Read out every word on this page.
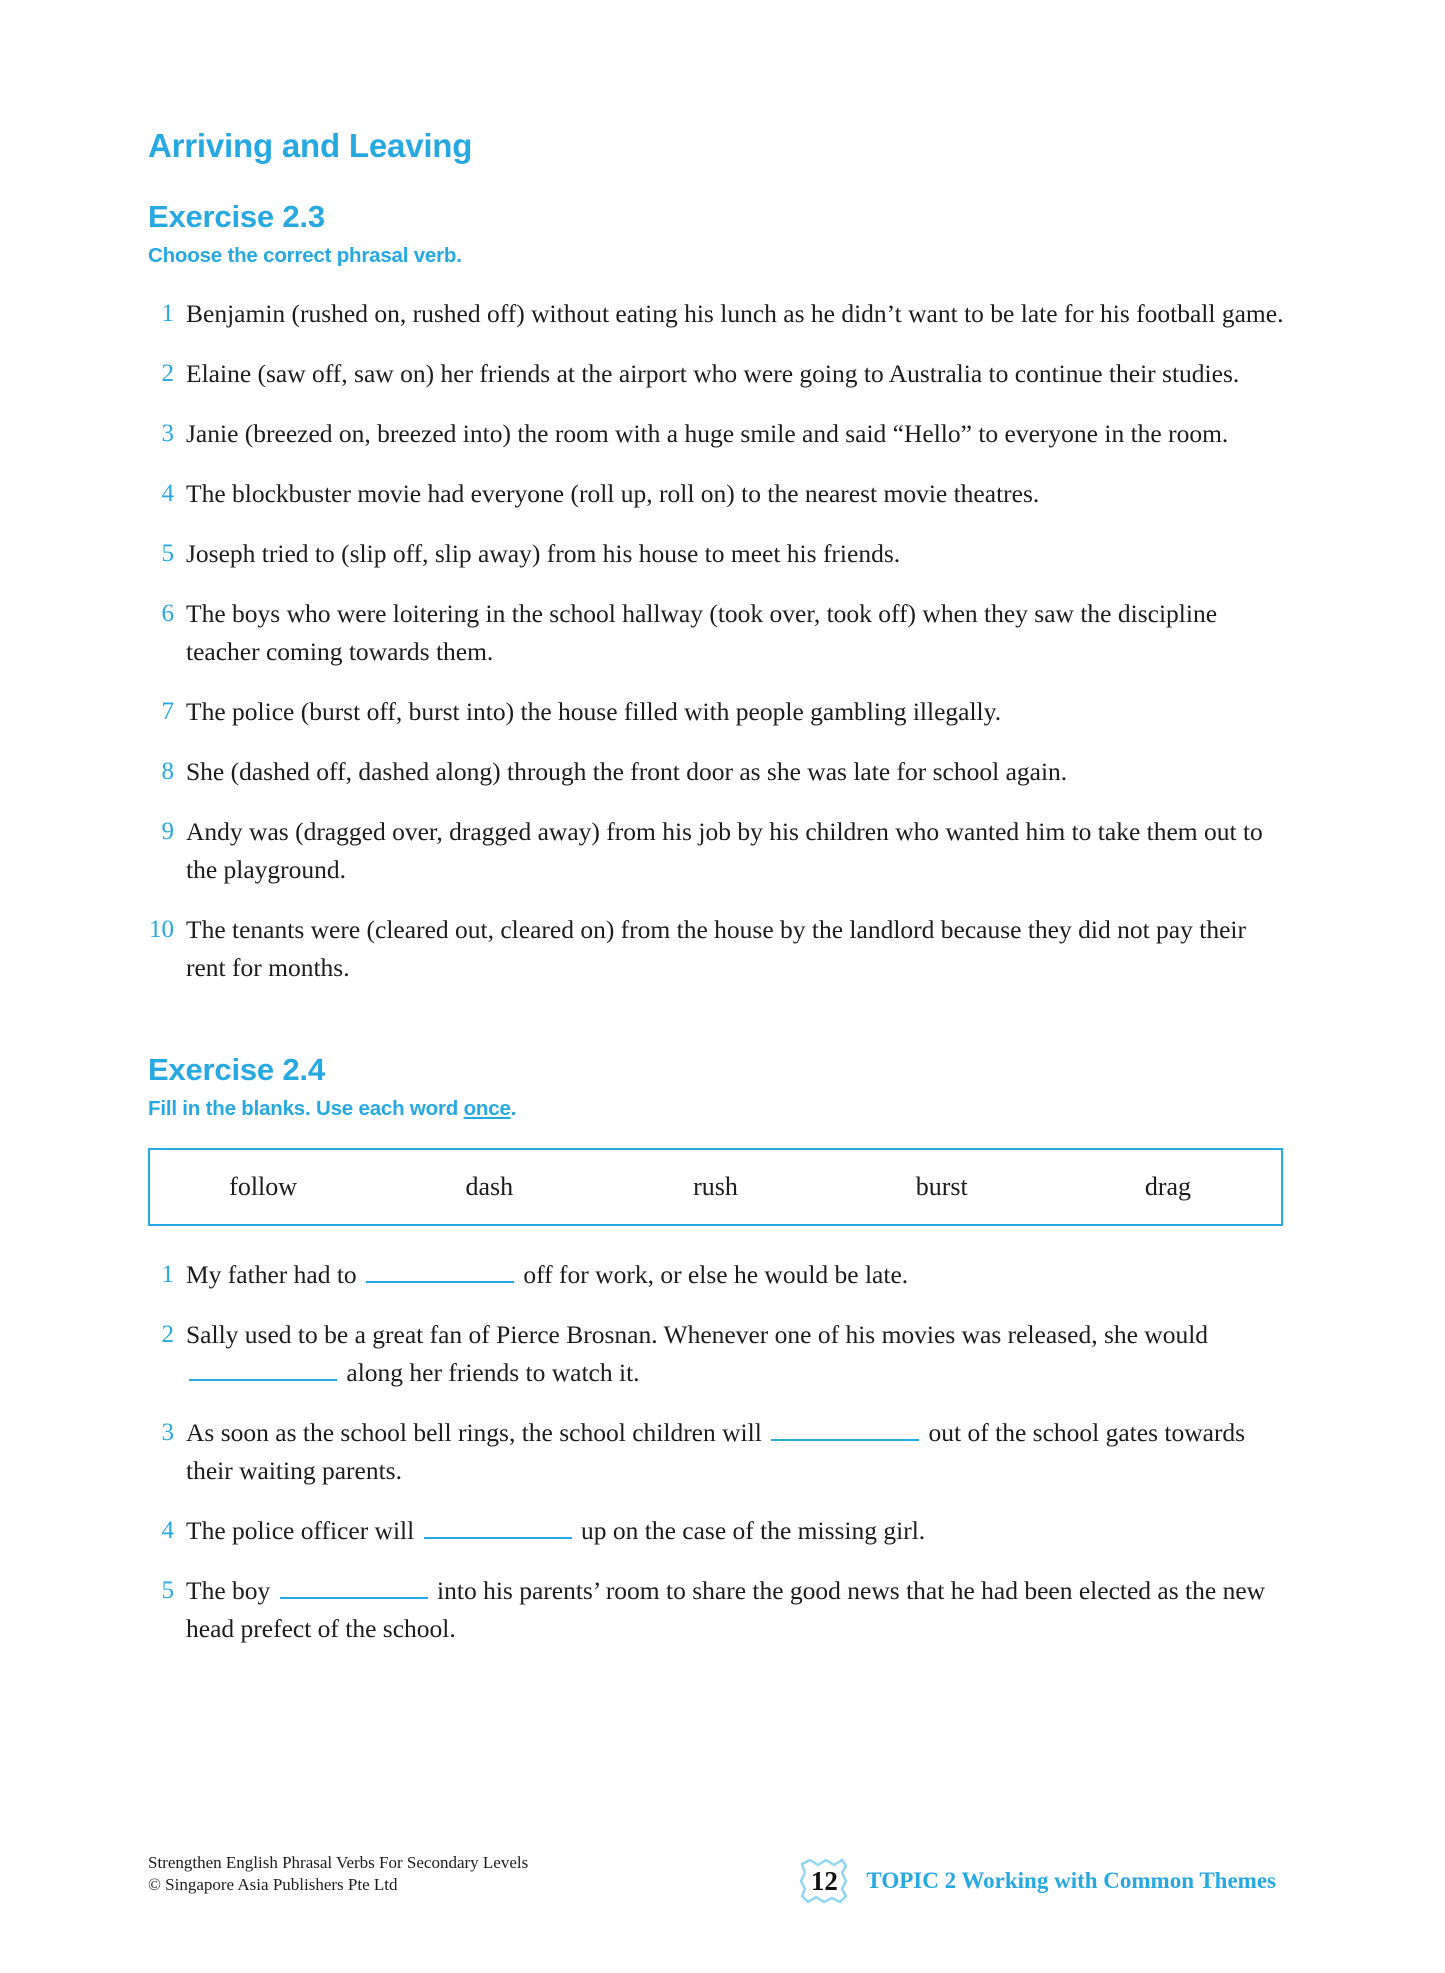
Arriving and Leaving
Exercise 2.3

Choose the correct phrasal verb.

1 Benjamin (rushed on, rushed off) without eating his lunch as he didn’t want to be late for his football game.
2 Elaine (saw off, saw on) her friends at the airport who were going to Australia to continue their studies.
3 Janie (breezed on, breezed into) the room with a huge smile and said “Hello” to everyone in the room.
4 The blockbuster movie had everyone (roll up, roll on) to the nearest movie theatres.
5 Joseph tried to (slip off, slip away) from his house to meet his friends.
6 The boys who were loitering in the school hallway (took over, took off) when they saw the discipline teacher coming towards them.
7 The police (burst off, burst into) the house filled with people gambling illegally.
8 She (dashed off, dashed along) through the front door as she was late for school again.
9 Andy was (dragged over, dragged away) from his job by his children who wanted him to take them out to the playground.
10 The tenants were (cleared out, cleared on) from the house by the landlord because they did not pay their rent for months.
Exercise 2.4

Fill in the blanks. Use each word once.

follow	dash	rush	burst	drag
1 My father had to	off for work, or else he would be late.
2 Sally used to be a great fan of Pierce Brosnan. Whenever one of his movies was released, she would  along her friends to watch it.
3 As soon as the school bell rings, the school children will	out of the school gates towards their waiting parents.
4 The police officer will	up on the case of the missing girl.
5 The boy	into his parents’ room to share the good news that he had been elected as the new head prefect of the school.
Strengthen English Phrasal Verbs For Secondary Levels
© Singapore Asia Publishers Pte Ltd	12 TOPIC 2 Working with Common Themes
